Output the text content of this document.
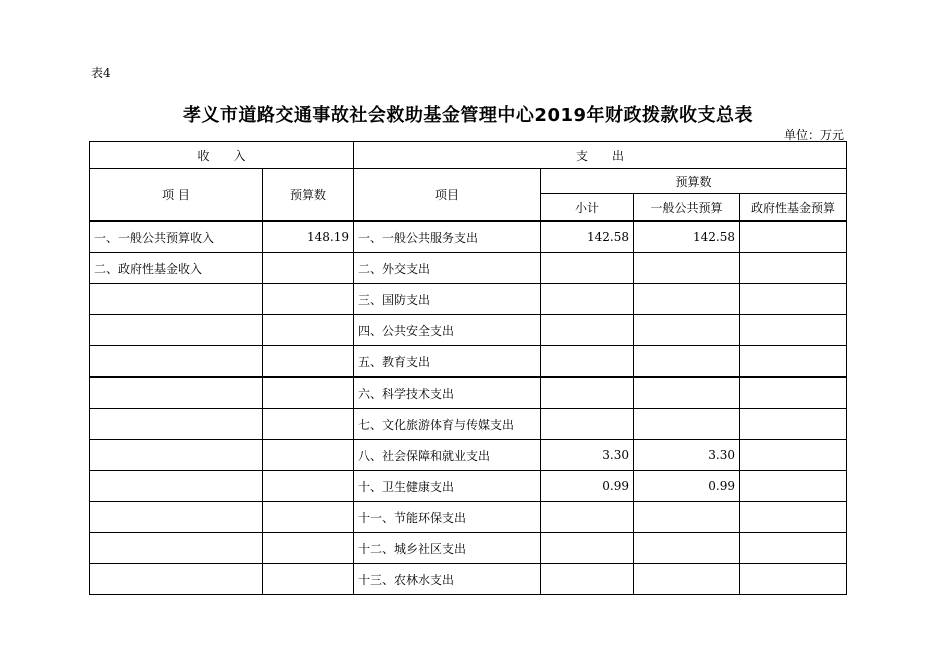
表4
孝义市道路交通事故社会救助基金管理中心2019年财政拨款收支总表
单位：万元
收　　入		支　　出			
项 目	预算数	项目	预算数		
			小计	一般公共预算	政府性基金预算
一、一般公共预算收入	148.19	一、一般公共服务支出	142.58	142.58	
二、政府性基金收入		二、外交支出			
		三、国防支出			
		四、公共安全支出			
		五、教育支出			
		六、科学技术支出			
		七、文化旅游体育与传媒支出			
		八、社会保障和就业支出	3.30	3.30	
		十、卫生健康支出	0.99	0.99	
		十一、节能环保支出			
		十二、城乡社区支出			
		十三、农林水支出			
